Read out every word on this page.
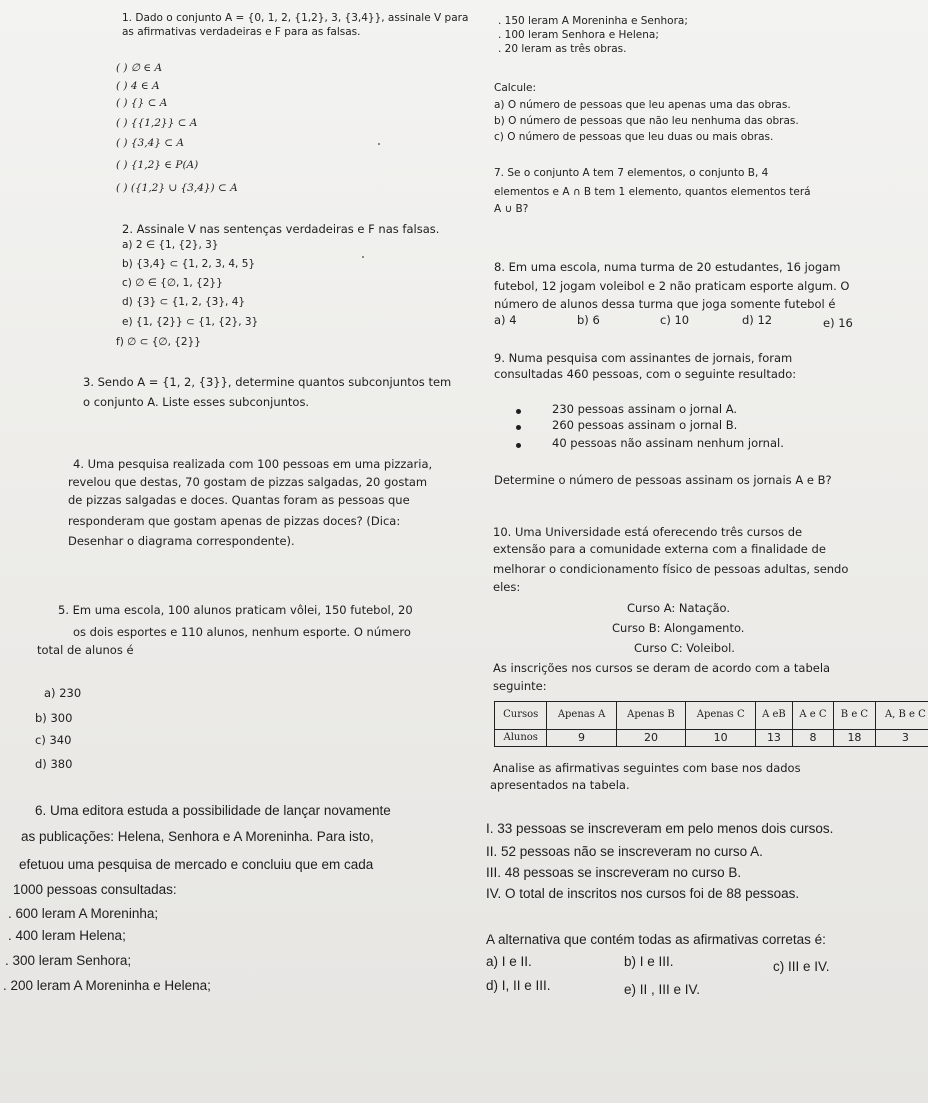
1. Dado o conjunto A = {0, 1, 2, {1,2}, 3, {3,4}}, assinale V para
as afirmativas verdadeiras e F para as falsas.
( ) ∅ ∈ A
( ) 4 ∈ A
( ) {} ⊂ A
( ) {{1,2}} ⊂ A
( ) {3,4} ⊂ A
( ) {1,2} ∈ P(A)
( ) ({1,2} ∪ {3,4}) ⊂ A
. 150 leram A Moreninha e Senhora;
. 100 leram Senhora e Helena;
. 20 leram as três obras.
Calcule:
a) O número de pessoas que leu apenas uma das obras.
b) O número de pessoas que não leu nenhuma das obras.
c) O número de pessoas que leu duas ou mais obras.
7. Se o conjunto A tem 7 elementos, o conjunto B, 4
elementos e A ∩ B tem 1 elemento, quantos elementos terá
A ∪ B?
2. Assinale V nas sentenças verdadeiras e F nas falsas.
a) 2 ∈ {1, {2}, 3}
b) {3,4} ⊂ {1, 2, 3, 4, 5}
c) ∅ ∈ {∅, 1, {2}}
d) {3} ⊂ {1, 2, {3}, 4}
e) {1, {2}} ⊂ {1, {2}, 3}
f) ∅ ⊂ {∅, {2}}
8. Em uma escola, numa turma de 20 estudantes, 16 jogam
futebol, 12 jogam voleibol e 2 não praticam esporte algum. O
número de alunos dessa turma que joga somente futebol é
a) 4	b) 6	c) 10	d) 12	e) 16
9. Numa pesquisa com assinantes de jornais, foram
consultadas 460 pessoas, com o seguinte resultado:
230 pessoas assinam o jornal A.
260 pessoas assinam o jornal B.
40 pessoas não assinam nenhum jornal.
Determine o número de pessoas assinam os jornais A e B?
3. Sendo A = {1, 2, {3}}, determine quantos subconjuntos tem
o conjunto A. Liste esses subconjuntos.
4. Uma pesquisa realizada com 100 pessoas em uma pizzaria,
revelou que destas, 70 gostam de pizzas salgadas, 20 gostam
de pizzas salgadas e doces. Quantas foram as pessoas que
responderam que gostam apenas de pizzas doces? (Dica:
Desenhar o diagrama correspondente).
10. Uma Universidade está oferecendo três cursos de
extensão para a comunidade externa com a finalidade de
melhorar o condicionamento físico de pessoas adultas, sendo
eles:
Curso A: Natação.
Curso B: Alongamento.
Curso C: Voleibol.
As inscrições nos cursos se deram de acordo com a tabela
seguinte:
Cursos	Apenas A	Apenas B	Apenas C	A eB	A e C	B e C	A, B e C
Alunos	9	20	10	13	8	18	3
Analise as afirmativas seguintes com base nos dados
apresentados na tabela.
5. Em uma escola, 100 alunos praticam vôlei, 150 futebol, 20
os dois esportes e 110 alunos, nenhum esporte. O número
total de alunos é
a) 230
b) 300
c) 340
d) 380
6. Uma editora estuda a possibilidade de lançar novamente
as publicações: Helena, Senhora e A Moreninha. Para isto,
efetuou uma pesquisa de mercado e concluiu que em cada
1000 pessoas consultadas:
. 600 leram A Moreninha;
. 400 leram Helena;
. 300 leram Senhora;
. 200 leram A Moreninha e Helena;
I. 33 pessoas se inscreveram em pelo menos dois cursos.
II. 52 pessoas não se inscreveram no curso A.
III. 48 pessoas se inscreveram no curso B.
IV. O total de inscritos nos cursos foi de 88 pessoas.
A alternativa que contém todas as afirmativas corretas é:
a) I e II.	b) I e III.	c) III e IV.
d) I, II e III.	e) II , III e IV.
